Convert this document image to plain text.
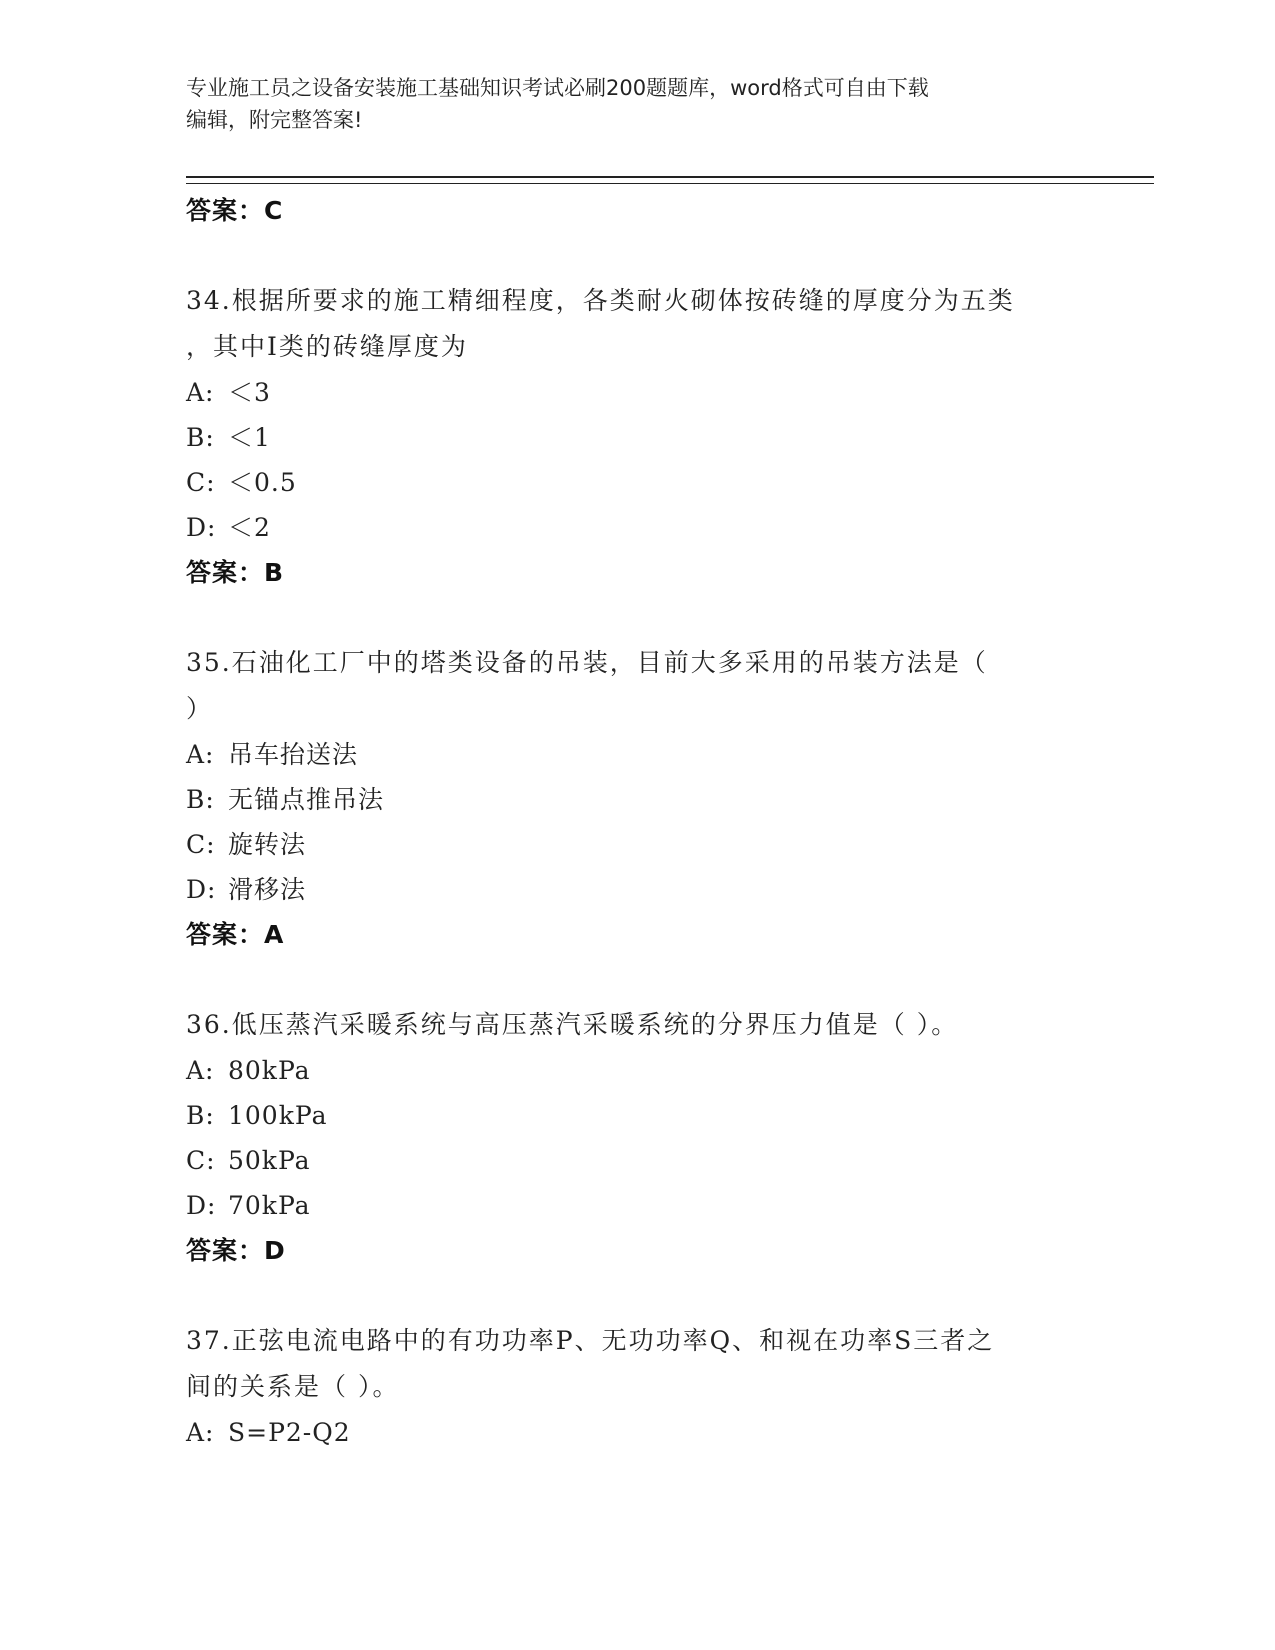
专业施工员之设备安装施工基础知识考试必刷200题题库，word格式可自由下载
编辑，附完整答案!
答案：C
34.根据所要求的施工精细程度，各类耐火砌体按砖缝的厚度分为五类
，其中I类的砖缝厚度为
A: ＜3
B: ＜1
C: ＜0.5
D: ＜2
答案：B
35.石油化工厂中的塔类设备的吊装，目前大多采用的吊装方法是（
）
A: 吊车抬送法
B: 无锚点推吊法
C: 旋转法
D: 滑移法
答案：A
36.低压蒸汽采暖系统与高压蒸汽采暖系统的分界压力值是（ ）。
A: 80kPa
B: 100kPa
C: 50kPa
D: 70kPa
答案：D
37.正弦电流电路中的有功功率P、无功功率Q、和视在功率S三者之
间的关系是（ ）。
A: S=P2-Q2
